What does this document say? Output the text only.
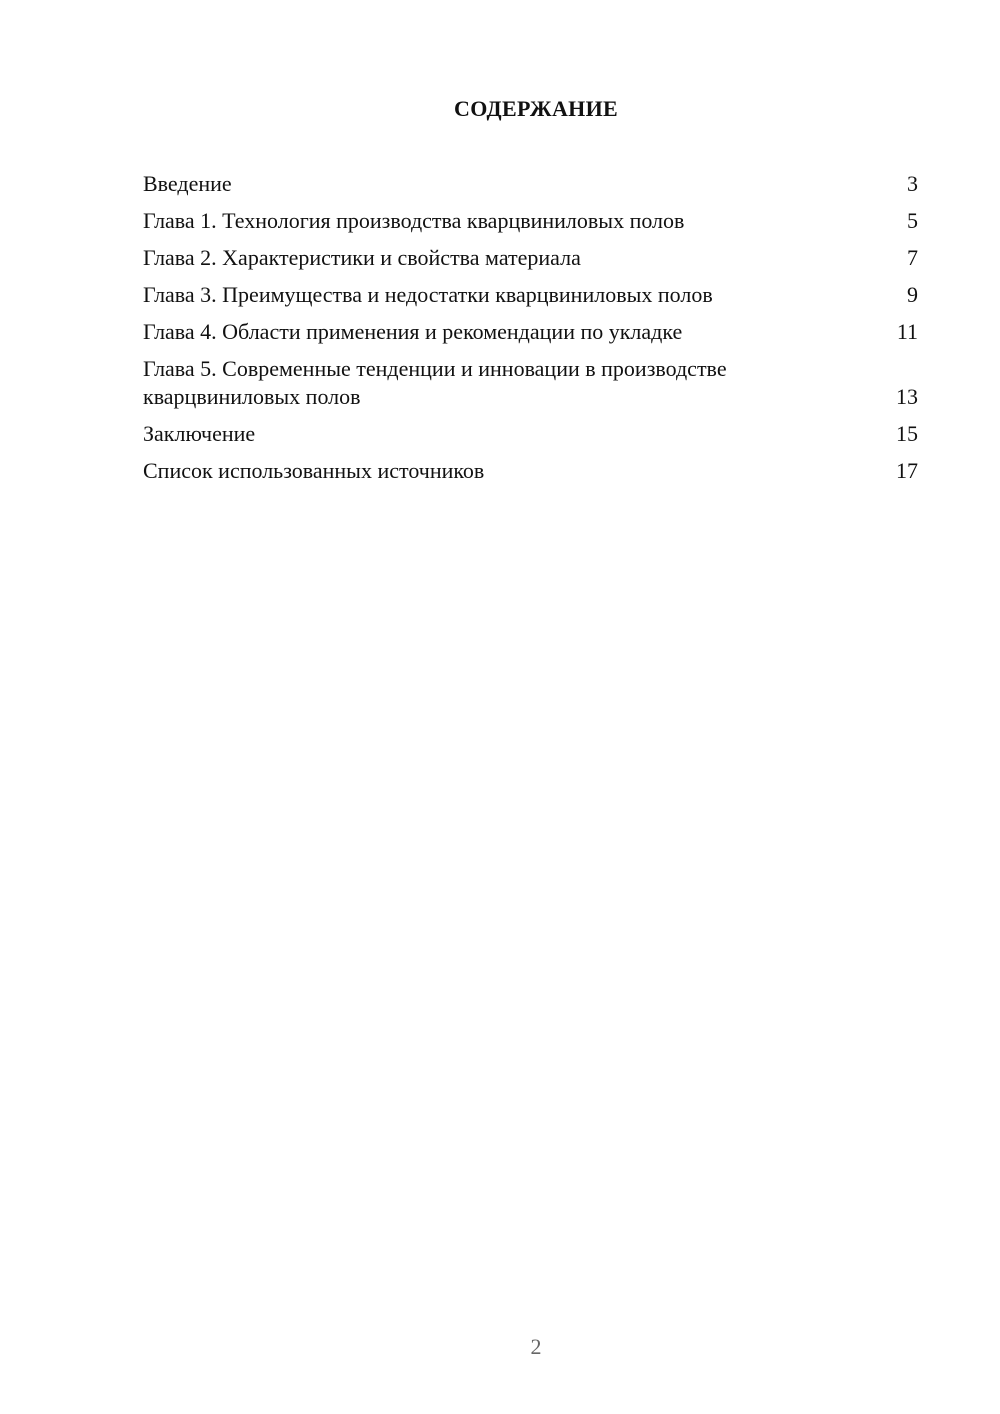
СОДЕРЖАНИЕ
Введение	3
Глава 1. Технология производства кварцвиниловых полов	5
Глава 2. Характеристики и свойства материала	7
Глава 3. Преимущества и недостатки кварцвиниловых полов	9
Глава 4. Области применения и рекомендации по укладке	11
Глава 5. Современные тенденции и инновации в производстве кварцвиниловых полов	13
Заключение	15
Список использованных источников	17
2
